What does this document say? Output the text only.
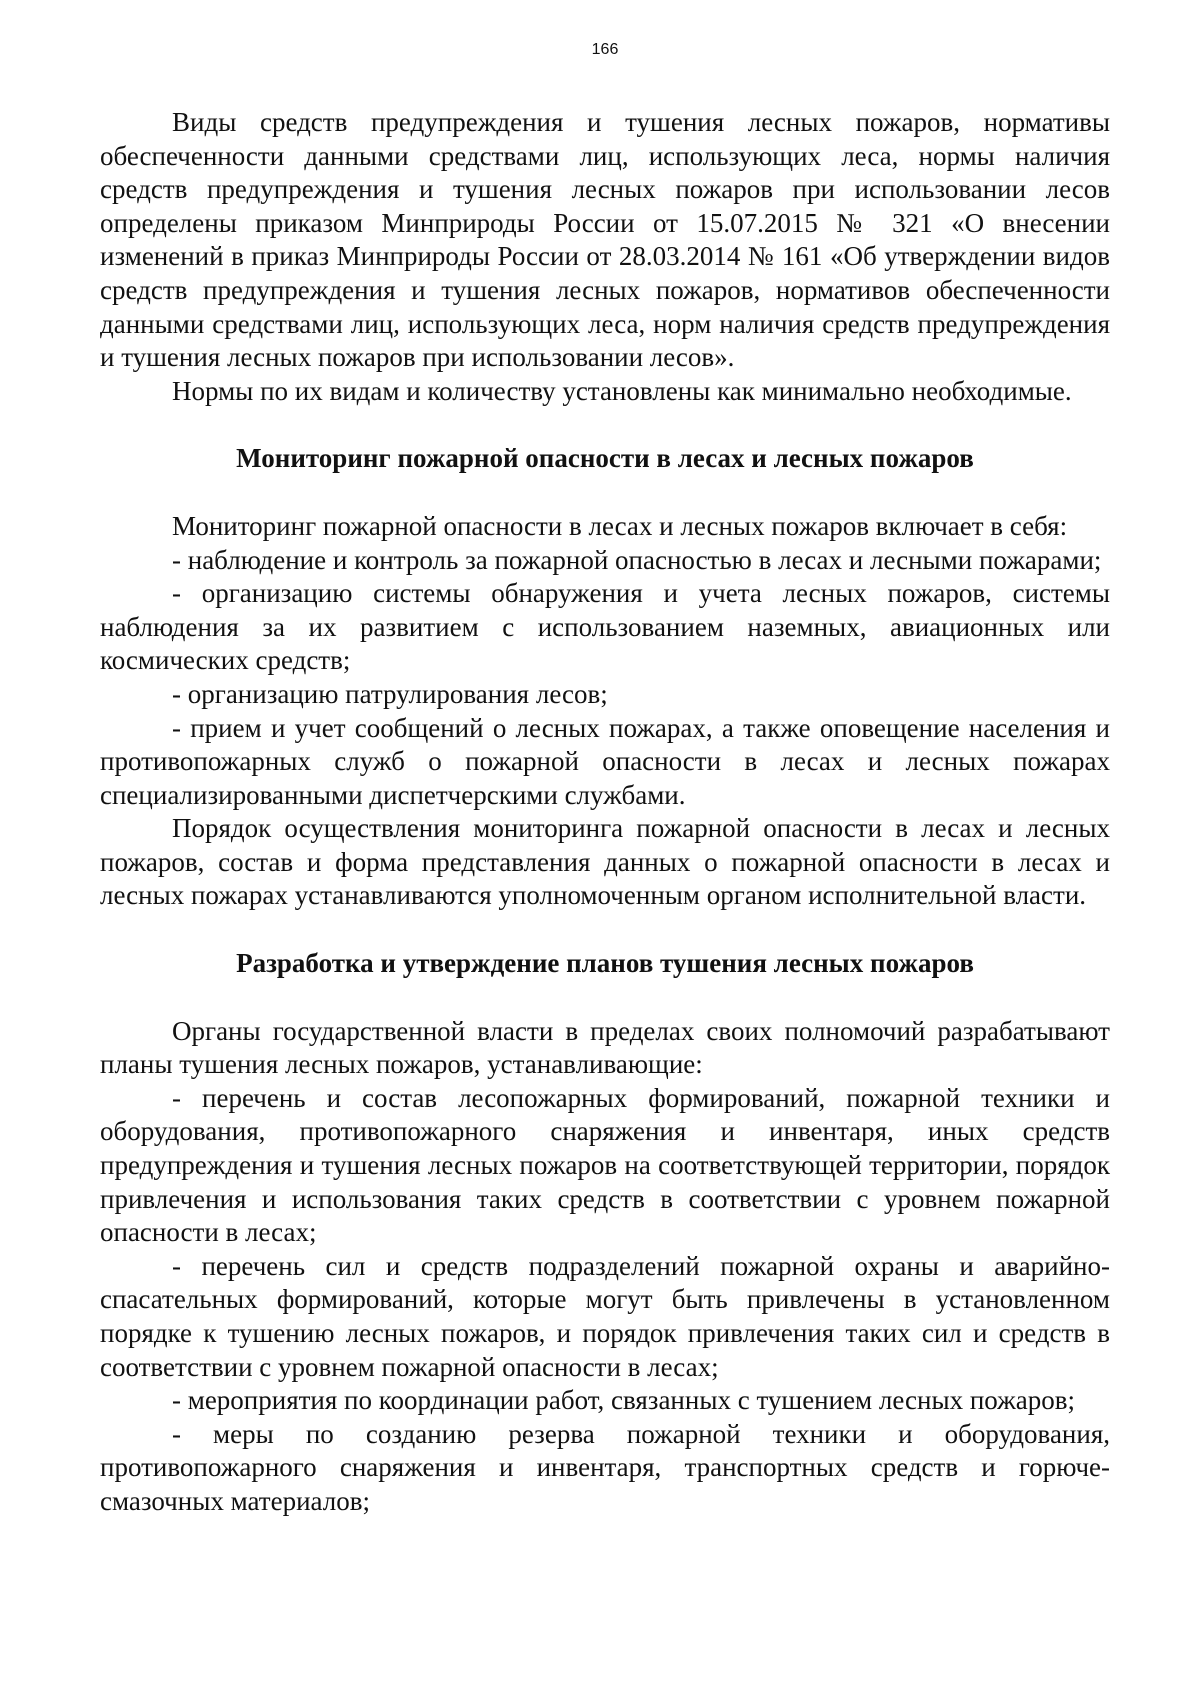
166

Виды средств предупреждения и тушения лесных пожаров, нормативы обеспеченности данными средствами лиц, использующих леса, нормы наличия средств предупреждения и тушения лесных пожаров при использовании лесов определены приказом Минприроды России от 15.07.2015 № 321 «О внесении изменений в приказ Минприроды России от 28.03.2014 № 161 «Об утверждении видов средств предупреждения и тушения лесных пожаров, нормативов обеспеченности данными средствами лиц, использующих леса, норм наличия средств предупреждения и тушения лесных пожаров при использовании лесов».

Нормы по их видам и количеству установлены как минимально необходимые.

Мониторинг пожарной опасности в лесах и лесных пожаров

Мониторинг пожарной опасности в лесах и лесных пожаров включает в себя:

- наблюдение и контроль за пожарной опасностью в лесах и лесными пожарами;

- организацию системы обнаружения и учета лесных пожаров, системы наблюдения за их развитием с использованием наземных, авиационных или космических средств;

- организацию патрулирования лесов;

- прием и учет сообщений о лесных пожарах, а также оповещение населения и противопожарных служб о пожарной опасности в лесах и лесных пожарах специализированными диспетчерскими службами.

Порядок осуществления мониторинга пожарной опасности в лесах и лесных пожаров, состав и форма представления данных о пожарной опасности в лесах и лесных пожарах устанавливаются уполномоченным органом исполнительной власти.

Разработка и утверждение планов тушения лесных пожаров

Органы государственной власти в пределах своих полномочий разрабатывают планы тушения лесных пожаров, устанавливающие:

- перечень и состав лесопожарных формирований, пожарной техники и оборудования, противопожарного снаряжения и инвентаря, иных средств предупреждения и тушения лесных пожаров на соответствующей территории, порядок привлечения и использования таких средств в соответствии с уровнем пожарной опасности в лесах;

- перечень сил и средств подразделений пожарной охраны и аварийно-спасательных формирований, которые могут быть привлечены в установленном порядке к тушению лесных пожаров, и порядок привлечения таких сил и средств в соответствии с уровнем пожарной опасности в лесах;

- мероприятия по координации работ, связанных с тушением лесных пожаров;

- меры по созданию резерва пожарной техники и оборудования, противопожарного снаряжения и инвентаря, транспортных средств и горюче-смазочных материалов;
